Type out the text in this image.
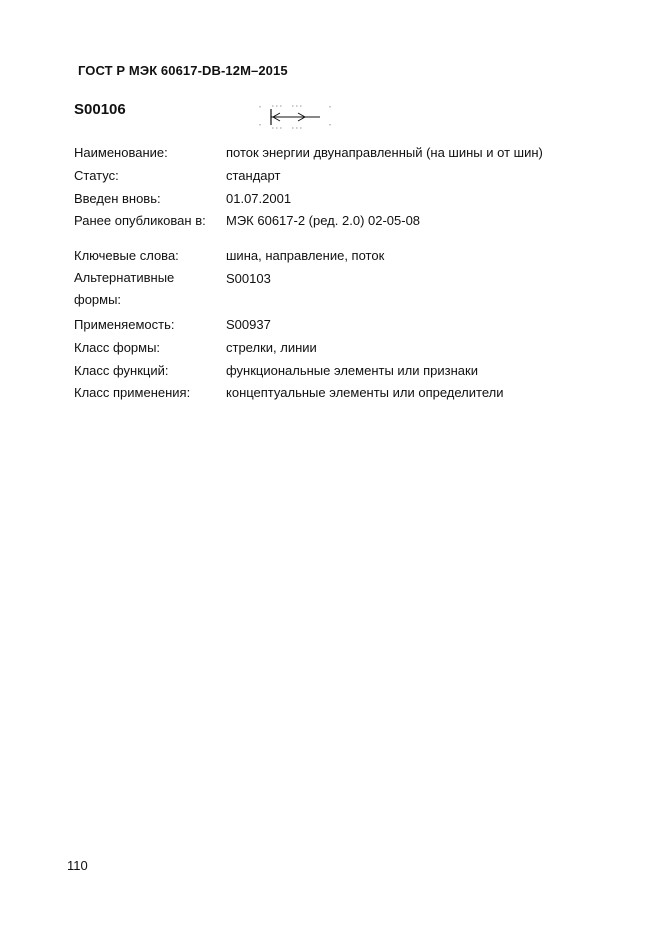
ГОСТ Р МЭК 60617-DB-12M–2015
S00106
Наименование:	поток энергии двунаправленный (на шины и от шин)
Статус:	стандарт
Введен вновь:	01.07.2001
Ранее опубликован в:	МЭК 60617-2 (ред. 2.0) 02-05-08
Ключевые слова:	шина, направление, поток
Альтернативные формы:
S00103
Применяемость:	S00937
Класс формы:	стрелки, линии
Класс функций:	функциональные элементы или признаки
Класс применения:	концептуальные элементы или определители
110
